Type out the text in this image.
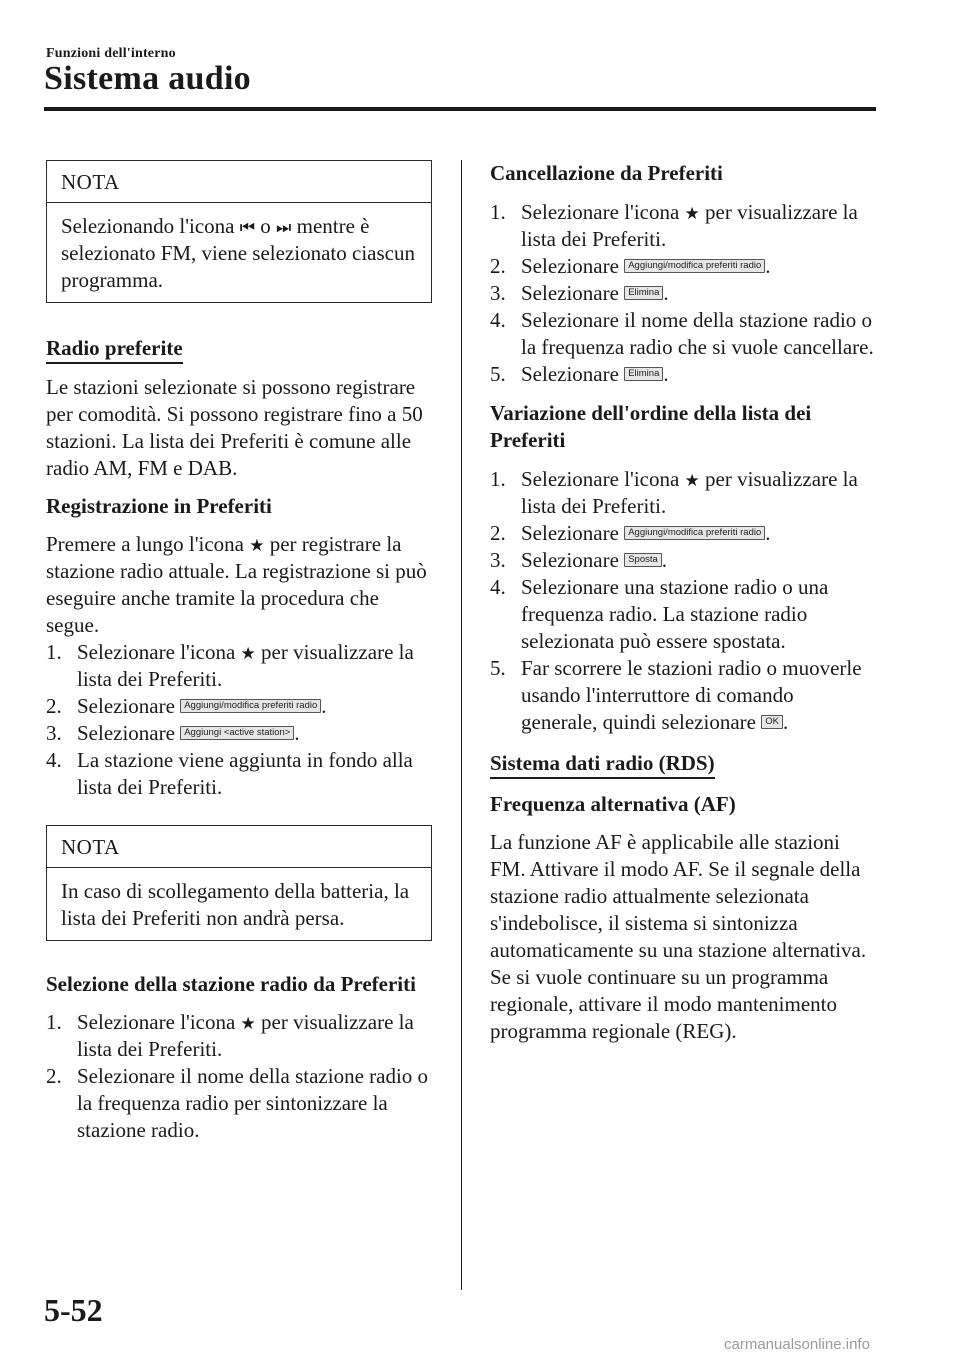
Funzioni dell'interno
Sistema audio
NOTA
Selezionando l'icona ⏮ o ⏭ mentre è selezionato FM, viene selezionato ciascun programma.
Radio preferite

Le stazioni selezionate si possono registrare per comodità. Si possono registrare fino a 50 stazioni. La lista dei Preferiti è comune alle radio AM, FM e DAB.

Registrazione in Preferiti

Premere a lungo l'icona ★ per registrare la stazione radio attuale. La registrazione si può eseguire anche tramite la procedura che segue.

1. Selezionare l'icona ★ per visualizzare la lista dei Preferiti.
2. Selezionare Aggiungi/modifica preferiti radio .
3. Selezionare Aggiungi <active station> .
4. La stazione viene aggiunta in fondo alla lista dei Preferiti.
NOTA
In caso di scollegamento della batteria, la lista dei Preferiti non andrà persa.

Selezione della stazione radio da Preferiti

1. Selezionare l'icona ★ per visualizzare la lista dei Preferiti.
2. Selezionare il nome della stazione radio o la frequenza radio per sintonizzare la stazione radio.

Cancellazione da Preferiti

1. Selezionare l'icona ★ per visualizzare la lista dei Preferiti.
2. Selezionare Aggiungi/modifica preferiti radio .
3. Selezionare Elimina .
4. Selezionare il nome della stazione radio o la frequenza radio che si vuole cancellare.
5. Selezionare Elimina .

Variazione dell'ordine della lista dei Preferiti

1. Selezionare l'icona ★ per visualizzare la lista dei Preferiti.
2. Selezionare Aggiungi/modifica preferiti radio .
3. Selezionare Sposta .
4. Selezionare una stazione radio o una frequenza radio. La stazione radio selezionata può essere spostata.
5. Far scorrere le stazioni radio o muoverle usando l'interruttore di comando generale, quindi selezionare OK .
Sistema dati radio (RDS)

Frequenza alternativa (AF)

La funzione AF è applicabile alle stazioni FM. Attivare il modo AF. Se il segnale della stazione radio attualmente selezionata s'indebolisce, il sistema si sintonizza automaticamente su una stazione alternativa.

Se si vuole continuare su un programma regionale, attivare il modo mantenimento programma regionale (REG).

5-52
carmanualsonline.info
